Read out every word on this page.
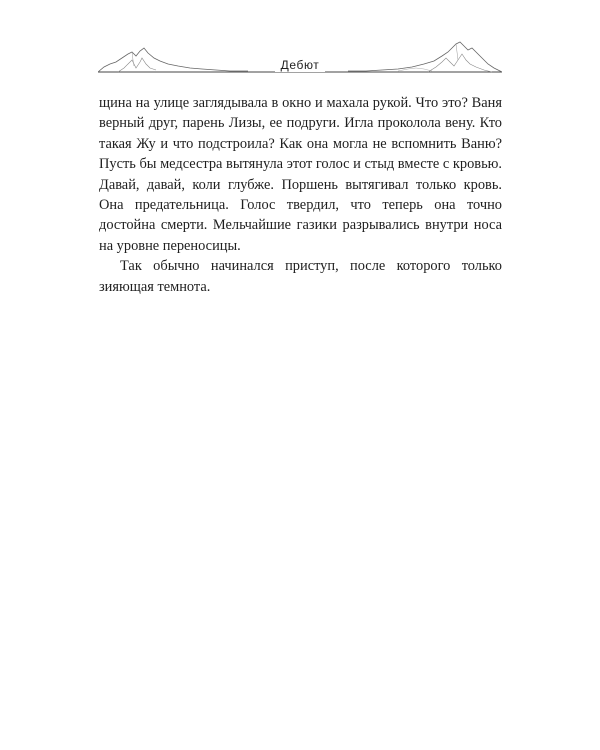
Дебют

щина на улице заглядывала в окно и махала рукой. Что это? Ваня верный друг, парень Лизы, ее подруги. Игла проколола вену. Кто такая Жу и что подстроила? Как она могла не вспомнить Ваню? Пусть бы медсестра вытянула этот голос и стыд вместе с кровью. Давай, давай, коли глубже. Поршень вытягивал только кровь. Она предательница. Голос твердил, что теперь она точно достойна смерти. Мельчайшие газики разрывались внутри носа на уровне переносицы.

Так обычно начинался приступ, после которого только зияющая темнота.
